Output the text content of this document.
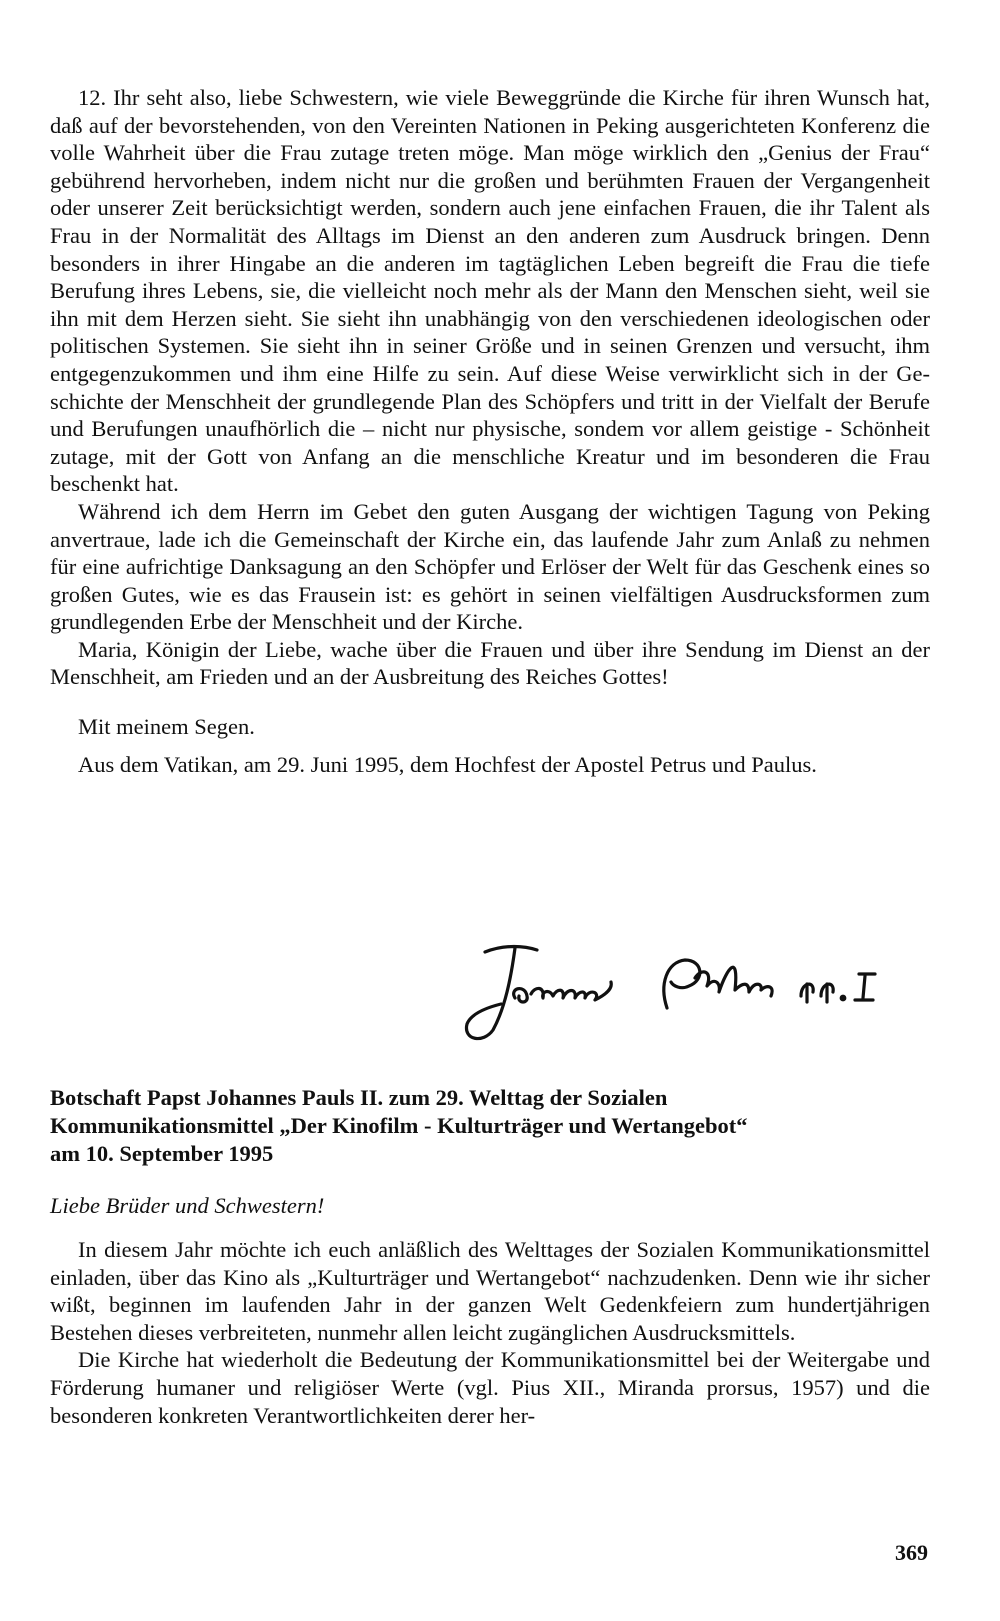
12. Ihr seht also, liebe Schwestern, wie viele Beweggründe die Kirche für ihren Wunsch hat, daß auf der bevorstehenden, von den Vereinten Nationen in Peking ausgerichteten Konferenz die volle Wahrheit über die Frau zutage treten möge. Man möge wirklich den „Genius der Frau“ gebührend hervorheben, indem nicht nur die großen und berühmten Frauen der Vergangenheit oder unserer Zeit berücksichtigt werden, sondern auch jene einfachen Frauen, die ihr Talent als Frau in der Normalität des Alltags im Dienst an den anderen zum Ausdruck bringen. Denn besonders in ihrer Hingabe an die anderen im tagtäglichen Leben begreift die Frau die tiefe Berufung ihres Lebens, sie, die vielleicht noch mehr als der Mann den Menschen sieht, weil sie ihn mit dem Herzen sieht. Sie sieht ihn unabhängig von den verschiedenen ideologischen oder politischen Systemen. Sie sieht ihn in seiner Größe und in seinen Grenzen und versucht, ihm entgegenzukommen und ihm eine Hilfe zu sein. Auf diese Weise verwirklicht sich in der Geschichte der Menschheit der grundlegende Plan des Schöpfers und tritt in der Vielfalt der Berufe und Berufungen unaufhörlich die – nicht nur physische, sondem vor allem geistige - Schönheit zutage, mit der Gott von Anfang an die menschliche Kreatur und im besonderen die Frau beschenkt hat.

Während ich dem Herrn im Gebet den guten Ausgang der wichtigen Tagung von Peking anvertraue, lade ich die Gemeinschaft der Kirche ein, das laufende Jahr zum Anlaß zu nehmen für eine aufrichtige Danksagung an den Schöpfer und Erlöser der Welt für das Geschenk eines so großen Gutes, wie es das Frausein ist: es gehört in seinen vielfältigen Ausdrucksformen zum grundlegenden Erbe der Menschheit und der Kirche.

Maria, Königin der Liebe, wache über die Frauen und über ihre Sendung im Dienst an der Menschheit, am Frieden und an der Ausbreitung des Reiches Gottes!

Mit meinem Segen.

Aus dem Vatikan, am 29. Juni 1995, dem Hochfest der Apostel Petrus und Paulus.

Joannes Paulus PP. II
Botschaft Papst Johannes Pauls II. zum 29. Welttag der Sozialen
Kommunikationsmittel „Der Kinofilm - Kulturträger und Wertangebot“
am 10. September 1995

Liebe Brüder und Schwestern!

In diesem Jahr möchte ich euch anläßlich des Welttages der Sozialen Kommunikationsmittel einladen, über das Kino als „Kulturträger und Wertangebot“ nachzudenken. Denn wie ihr sicher wißt, beginnen im laufenden Jahr in der ganzen Welt Gedenkfeiern zum hundertjährigen Bestehen dieses verbreiteten, nunmehr allen leicht zugänglichen Ausdrucksmittels.

Die Kirche hat wiederholt die Bedeutung der Kommunikationsmittel bei der Weitergabe und Förderung humaner und religiöser Werte (vgl. Pius XII., Miranda prorsus, 1957) und die besonderen konkreten Verantwortlichkeiten derer her-

369
